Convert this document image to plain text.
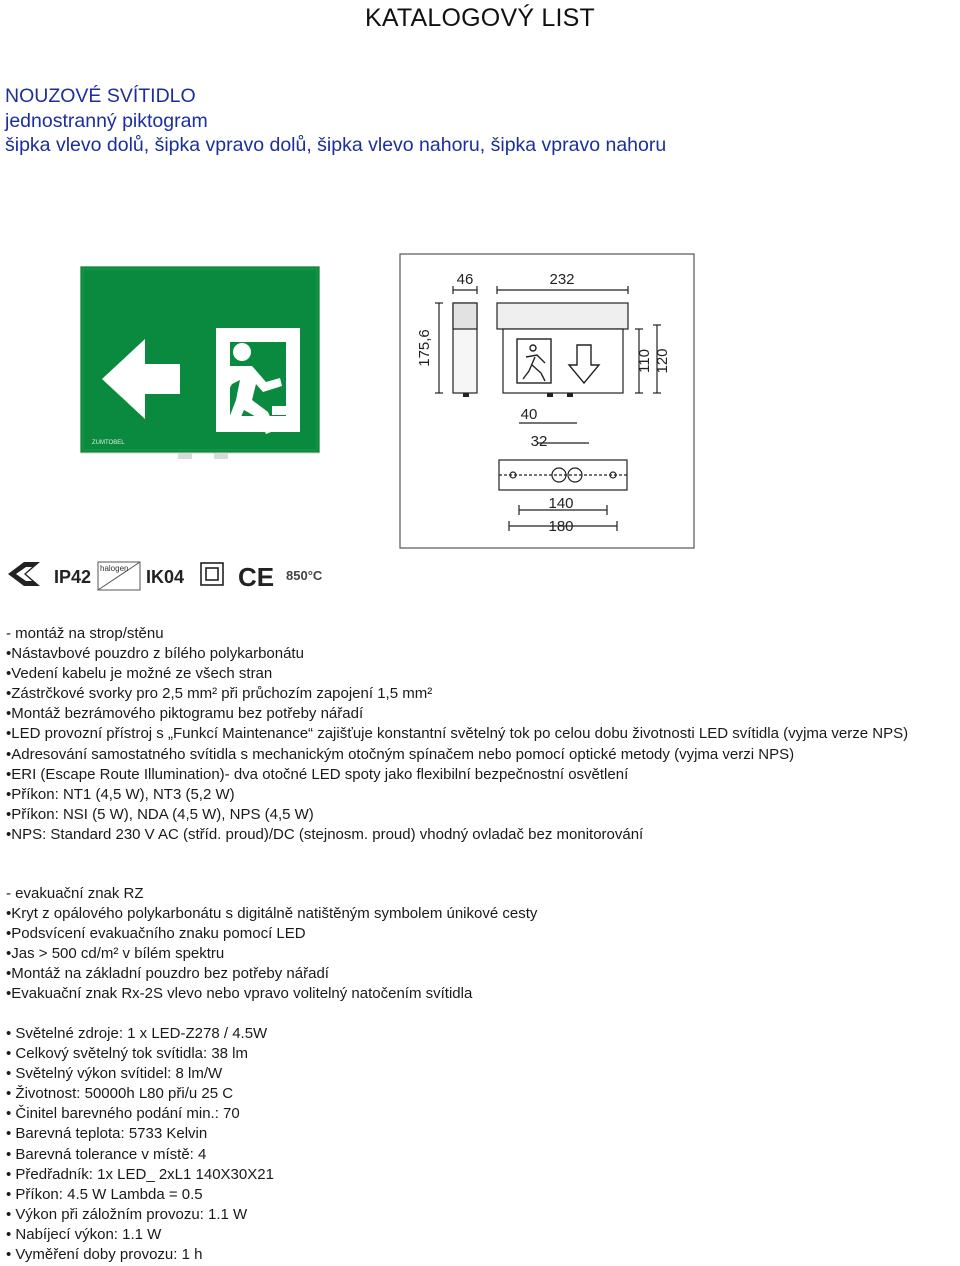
KATALOGOVÝ LIST
NOUZOVÉ SVÍTIDLO
jednostranný piktogram
šipka vlevo dolů, šipka vpravo dolů, šipka vlevo nahoru, šipka vpravo nahoru
ZUMTOBEL
46	232
175,6	110 120
40
32
140
180
IP42 halogen IK04 CE 850°C
- montáž na strop/stěnu
•Nástavbové pouzdro z bílého polykarbonátu
•Vedení kabelu je možné ze všech stran
•Zástrčkové svorky pro 2,5 mm² při průchozím zapojení 1,5 mm²
•Montáž bezrámového piktogramu bez potřeby nářadí
•LED provozní přístroj s „Funkcí Maintenance“ zajišťuje konstantní světelný tok po celou dobu životnosti LED svítidla (vyjma verze NPS)
•Adresování samostatného svítidla s mechanickým otočným spínačem nebo pomocí optické metody (vyjma verzi NPS)
•ERI (Escape Route Illumination)- dva otočné LED spoty jako flexibilní bezpečnostní osvětlení
•Příkon: NT1 (4,5 W), NT3 (5,2 W)
•Příkon: NSI (5 W), NDA (4,5 W), NPS (4,5 W)
•NPS: Standard 230 V AC (stříd. proud)/DC (stejnosm. proud) vhodný ovladač bez monitorování
- evakuační znak RZ
•Kryt z opálového polykarbonátu s digitálně natištěným symbolem únikové cesty
•Podsvícení evakuačního znaku pomocí LED
•Jas > 500 cd/m² v bílém spektru
•Montáž na základní pouzdro bez potřeby nářadí
•Evakuační znak Rx-2S vlevo nebo vpravo volitelný natočením svítidla
• Světelné zdroje: 1 x LED-Z278 / 4.5W
• Celkový světelný tok svítidla: 38 lm
• Světelný výkon svítidel: 8 lm/W
• Životnost: 50000h L80 při/u 25 C
• Činitel barevného podání min.: 70
• Barevná teplota: 5733 Kelvin
• Barevná tolerance v místě: 4
• Předřadník: 1x LED_ 2xL1 140X30X21
• Příkon: 4.5 W Lambda = 0.5
• Výkon při záložním provozu: 1.1 W
• Nabíjecí výkon: 1.1 W
• Vyměření doby provozu: 1 h
